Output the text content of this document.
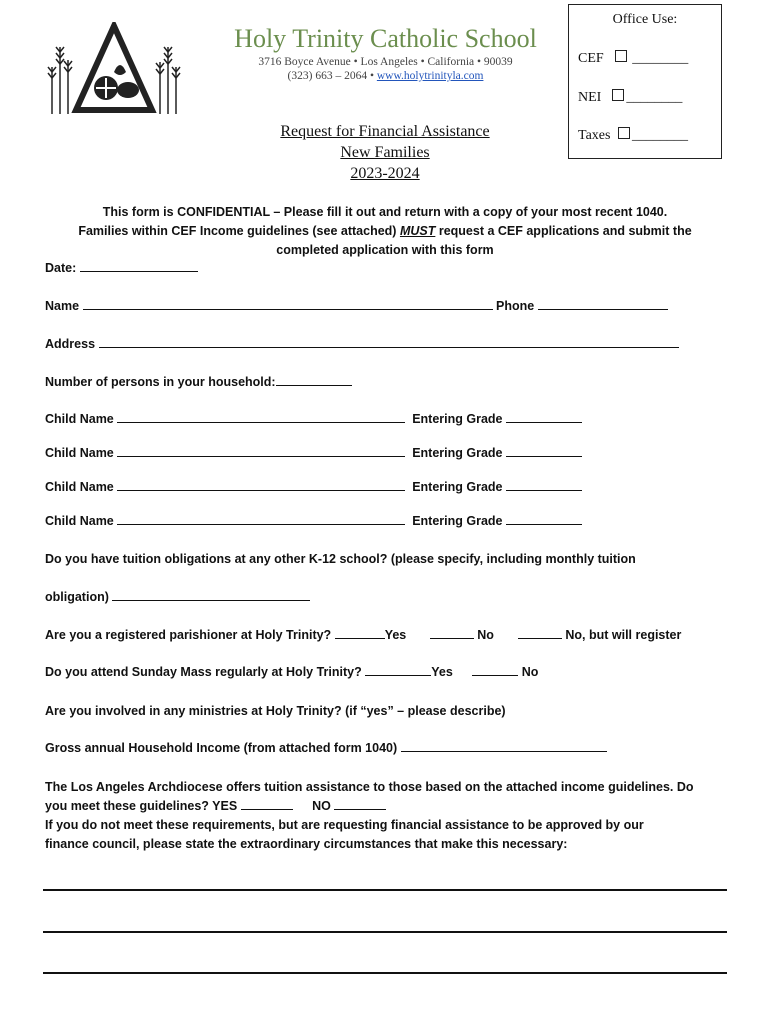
Holy Trinity Catholic School
3716 Boyce Avenue • Los Angeles • California • 90039
(323) 663 – 2064 • www.holytrinityla.com
Office Use:
CEF ________
NEI ________
Taxes ________
Request for Financial Assistance
New Families
2023-2024
This form is CONFIDENTIAL – Please fill it out and return with a copy of your most recent 1040.
Families within CEF Income guidelines (see attached) MUST request a CEF applications and submit the
completed application with this form
Date:
Name	Phone
Address
Number of persons in your household:
Child Name	Entering Grade
Child Name	Entering Grade
Child Name	Entering Grade
Child Name	Entering Grade
Do you have tuition obligations at any other K-12 school? (please specify, including monthly tuition
obligation)
Are you a registered parishioner at Holy Trinity?	Yes	No	No, but will register
Do you attend Sunday Mass regularly at Holy Trinity?	Yes	No
Are you involved in any ministries at Holy Trinity? (if “yes” – please describe)
Gross annual Household Income (from attached form 1040)
The Los Angeles Archdiocese offers tuition assistance to those based on the attached income guidelines. Do
you meet these guidelines? YES	NO
If you do not meet these requirements, but are requesting financial assistance to be approved by our
finance council, please state the extraordinary circumstances that make this necessary:
